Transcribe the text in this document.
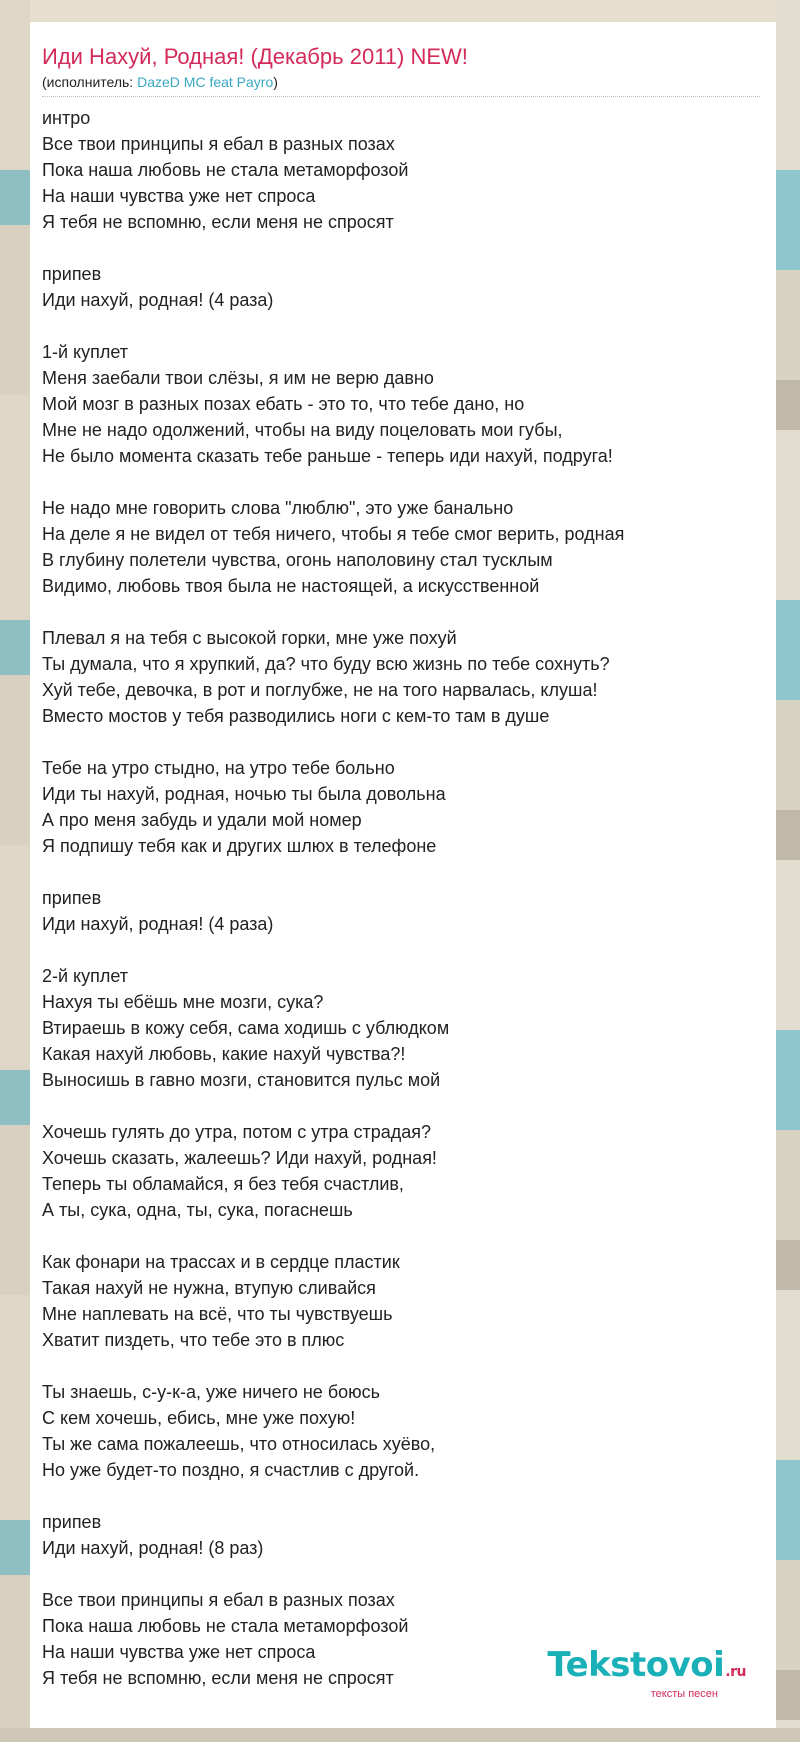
Иди Нахуй, Родная! (Декабрь 2011) NEW!
(исполнитель: DazeD MC feat Payro)
интро
Все твои принципы я ебал в разных позах
Пока наша любовь не стала метаморфозой
На наши чувства уже нет спроса
Я тебя не вспомню, если меня не спросят
припев
Иди нахуй, родная! (4 раза)
1-й куплет
Меня заебали твои слёзы, я им не верю давно
Мой мозг в разных позах ебать - это то, что тебе дано, но
Мне не надо одолжений, чтобы на виду поцеловать мои губы,
Не было момента сказать тебе раньше - теперь иди нахуй, подруга!
Не надо мне говорить слова "люблю", это уже банально
На деле я не видел от тебя ничего, чтобы я тебе смог верить, родная
В глубину полетели чувства, огонь наполовину стал тусклым
Видимо, любовь твоя была не настоящей, а искусственной
Плевал я на тебя с высокой горки, мне уже похуй
Ты думала, что я хрупкий, да? что буду всю жизнь по тебе сохнуть?
Хуй тебе, девочка, в рот и поглубже, не на того нарвалась, клуша!
Вместо мостов у тебя разводились ноги с кем-то там в душе
Тебе на утро стыдно, на утро тебе больно
Иди ты нахуй, родная, ночью ты была довольна
А про меня забудь и удали мой номер
Я подпишу тебя как и других шлюх в телефоне
припев
Иди нахуй, родная! (4 раза)
2-й куплет
Нахуя ты ебёшь мне мозги, сука?
Втираешь в кожу себя, сама ходишь с ублюдком
Какая нахуй любовь, какие нахуй чувства?!
Выносишь в гавно мозги, становится пульс мой
Хочешь гулять до утра, потом с утра страдая?
Хочешь сказать, жалеешь? Иди нахуй, родная!
Теперь ты обламайся, я без тебя счастлив,
А ты, сука, одна, ты, сука, погаснешь
Как фонари на трассах и в сердце пластик
Такая нахуй не нужна, втупую сливайся
Мне наплевать на всё, что ты чувствуешь
Хватит пиздеть, что тебе это в плюс
Ты знаешь, с-у-к-а, уже ничего не боюсь
С кем хочешь, ебись, мне уже похую!
Ты же сама пожалеешь, что относилась хуёво,
Но уже будет-то поздно, я счастлив с другой.
припев
Иди нахуй, родная! (8 раз)
Все твои принципы я ебал в разных позах
Пока наша любовь не стала метаморфозой
На наши чувства уже нет спроса
Я тебя не вспомню, если меня не спросят	Tekstovoi.ru
тексты песен
